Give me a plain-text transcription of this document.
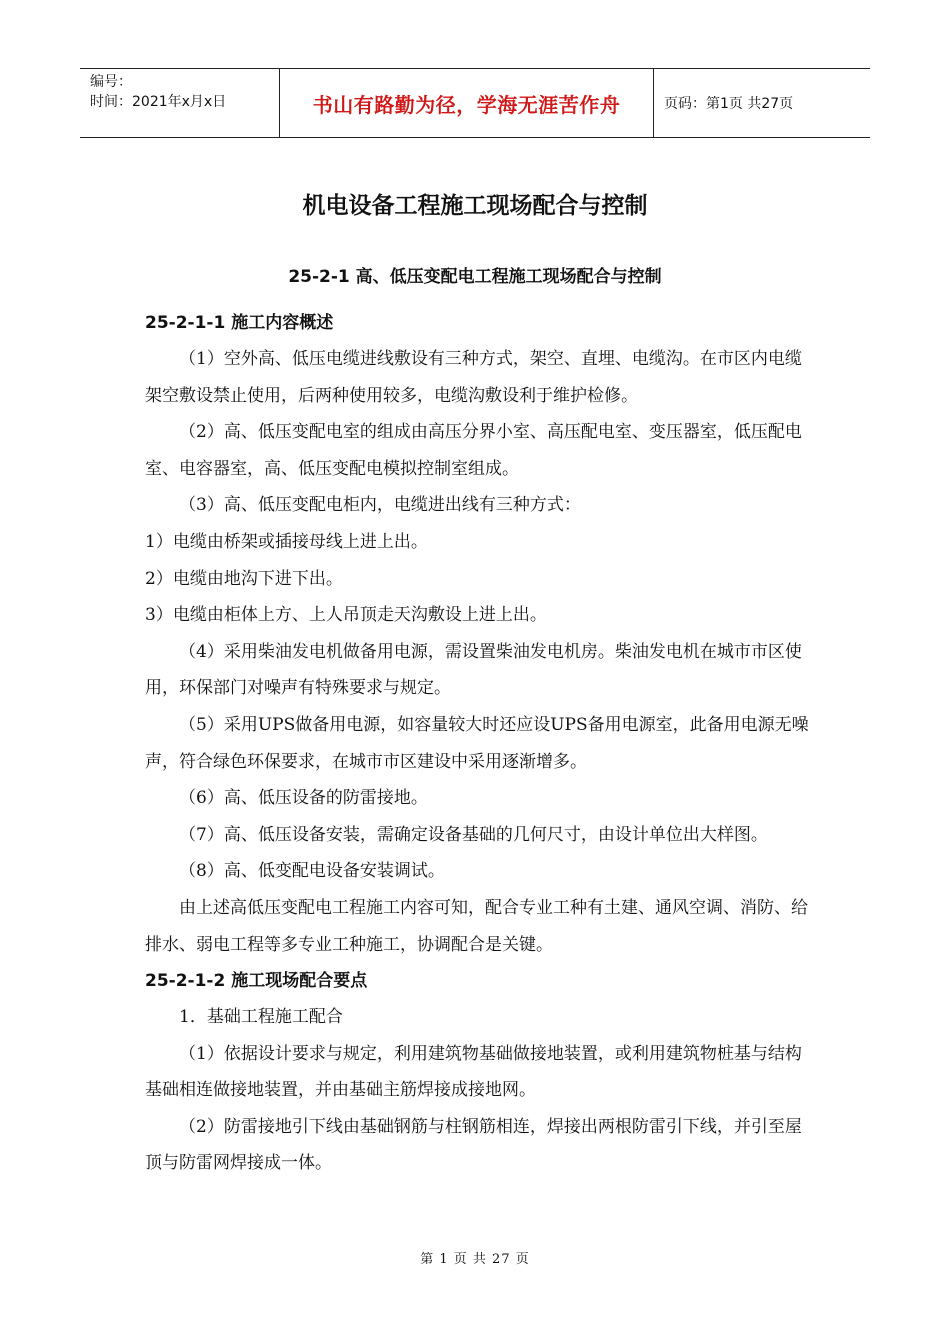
编号：
时间：2021年x月x日	书山有路勤为径，学海无涯苦作舟	页码：第1页 共27页
机电设备工程施工现场配合与控制
25-2-1 高、低压变配电工程施工现场配合与控制

25-2-1-1 施工内容概述

（1）空外高、低压电缆进线敷设有三种方式，架空、直埋、电缆沟。在市区内电缆架空敷设禁止使用，后两种使用较多，电缆沟敷设利于维护检修。

（2）高、低压变配电室的组成由高压分界小室、高压配电室、变压器室，低压配电室、电容器室，高、低压变配电模拟控制室组成。

（3）高、低压变配电柜内，电缆进出线有三种方式：

1）电缆由桥架或插接母线上进上出。

2）电缆由地沟下进下出。

3）电缆由柜体上方、上人吊顶走天沟敷设上进上出。

（4）采用柴油发电机做备用电源，需设置柴油发电机房。柴油发电机在城市市区使用，环保部门对噪声有特殊要求与规定。

（5）采用UPS做备用电源，如容量较大时还应设UPS备用电源室，此备用电源无噪声，符合绿色环保要求，在城市市区建设中采用逐渐增多。

（6）高、低压设备的防雷接地。

（7）高、低压设备安装，需确定设备基础的几何尺寸，由设计单位出大样图。

（8）高、低变配电设备安装调试。

由上述高低压变配电工程施工内容可知，配合专业工种有土建、通风空调、消防、给排水、弱电工程等多专业工种施工，协调配合是关键。

25-2-1-2 施工现场配合要点

1．基础工程施工配合

（1）依据设计要求与规定，利用建筑物基础做接地装置，或利用建筑物桩基与结构基础相连做接地装置，并由基础主筋焊接成接地网。

（2）防雷接地引下线由基础钢筋与柱钢筋相连，焊接出两根防雷引下线，并引至屋顶与防雷网焊接成一体。

第 1 页 共 27 页
